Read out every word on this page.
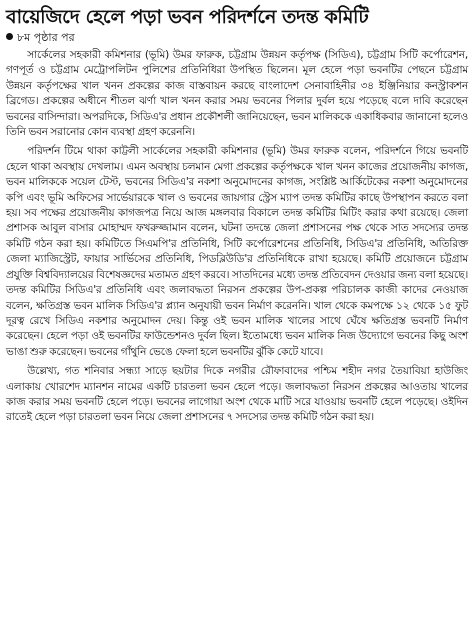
বায়েজিদে হেলে পড়া ভবন পরিদর্শনে তদন্ত কমিটি
৮ম পৃষ্ঠার পর

সার্কেলের সহকারী কমিশনার (ভূমি) উমর ফারুক, চট্টগ্রাম উন্নয়ন কর্তৃপক্ষ (সিডিএ), চট্টগ্রাম সিটি কর্পোরেশন, গণপূর্ত ও চট্টগ্রাম মেট্রোপলিটন পুলিশের প্রতিনিধিরা উপস্থিত ছিলেন। মূল হেলে পড়া ভবনটির পেছনে চট্টগ্রাম উন্নয়ন কর্তৃপক্ষের খাল খনন প্রকল্পের কাজ বাস্তবায়ন করছে বাংলাদেশ সেনাবাহিনীর ৩৪ ইঞ্জিনিয়ার কনস্ট্রাকশন ব্রিগেড। প্রকল্পের অধীনে শীতল ঝর্ণা খাল খনন করার সময় ভবনের পিলার দুর্বল হয়ে পড়েছে বলে দাবি করেছেন ভবনের বাসিন্দারা। অপরদিকে, সিডিএ'র প্রধান প্রকৌশলী জানিয়েছেন, ভবন মালিককে একাধিকবার জানানো হলেও তিনি ভবন সরানোর কোন ব্যবস্থা গ্রহণ করেননি।

পরিদর্শন টিমে থাকা কাট্টলী সার্কেলের সহকারী কমিশনার (ভূমি) উমর ফারুক বলেন, পরিদর্শনে গিয়ে ভবনটি হেলে থাকা অবস্থায় দেখলাম। এমন অবস্থায় চলমান মেগা প্রকল্পের কর্তৃপক্ষকে খাল খনন কাজের প্রয়োজনীয় কাগজ, ভবন মালিককে সয়েল টেস্ট, ভবনের সিডিএ'র নকশা অনুমোদনের কাগজ, সংশ্লিষ্ট আর্কিটেকের নকশা অনুমোদনের কপি এবং ভূমি অফিসের সার্ভেয়ারকে খাল ও ভবনের জায়গার স্ট্রেস ম্যাপ তদন্ত কমিটির কাছে উপস্থাপন করতে বলা হয়। সব পক্ষের প্রয়োজনীয় কাগজপত্র নিয়ে আজ মঙ্গলবার বিকালে তদন্ত কমিটির মিটিং করার কথা রয়েছে। জেলা প্রশাসক আবুল বাসার মোহাম্মদ ফখরুজ্জামান বলেন, ঘটনা তদন্তে জেলা প্রশাসনের পক্ষ থেকে সাত সদস্যের তদন্ত কমিটি গঠন করা হয়। কমিটিতে সিএমপি'র প্রতিনিধি, সিটি কর্পোরেশনের প্রতিনিধি, সিডিএ'র প্রতিনিধি, অতিরিক্ত জেলা ম্যাজিস্ট্রেট, ফায়ার সার্ভিসের প্রতিনিধি, পিডব্লিউডি'র প্রতিনিধিকে রাখা হয়েছে। কমিটি প্রয়োজনে চট্টগ্রাম প্রযুক্তি বিশ্ববিদ্যালয়ের বিশেষজ্ঞদের মতামত গ্রহণ করবে। সাতদিনের মধ্যে তদন্ত প্রতিবেদন দেওয়ার জন্য বলা হয়েছে। তদন্ত কমিটির সিডিএ'র প্রতিনিধি এবং জলাবদ্ধতা নিরসন প্রকল্পের উপ-প্রকল্প পরিচালক কাজী কাদের নেওয়াজ বলেন, ক্ষতিগ্রস্ত ভবন মালিক সিডিএ'র প্ল্যান অনুযায়ী ভবন নির্মাণ করেননি। খাল থেকে কমপক্ষে ১২ থেকে ১৫ ফুট দূরত্ব রেখে সিডিএ নকশার অনুমোদন দেয়। কিন্তু ওই ভবন মালিক খালের সাথে ঘেঁষে ক্ষতিগ্রস্ত ভবনটি নির্মাণ করেছেন। হেলে পড়া ওই ভবনটির ফাউন্ডেশনও দুর্বল ছিল। ইতোমধ্যে ভবন মালিক নিজ উদ্যোগে ভবনের কিছু অংশ ভাঙা শুরু করেছেন। ভবনের গাঁথুনি ভেঙে ফেলা হলে ভবনটির ঝুঁকি কেটে যাবে।

উল্লেখ্য, গত শনিবার সন্ধ্যা সাড়ে ছয়টার দিকে নগরীর রৌফাবাদের পশ্চিম শহীদ নগর তৈয়াবিয়া হাউজিং এলাকায় খোরশেদ ম্যানশন নামের একটি চারতলা ভবন হেলে পড়ে। জলাবদ্ধতা নিরসন প্রকল্পের আওতায় খালের কাজ করার সময় ভবনটি হেলে পড়ে। ভবনের লাগোয়া অংশ থেকে মাটি সরে যাওয়ায় ভবনটি হেলে পড়েছে। ওইদিন রাতেই হেলে পড়া চারতলা ভবন নিয়ে জেলা প্রশাসনের ৭ সদস্যের তদন্ত কমিটি গঠন করা হয়।
